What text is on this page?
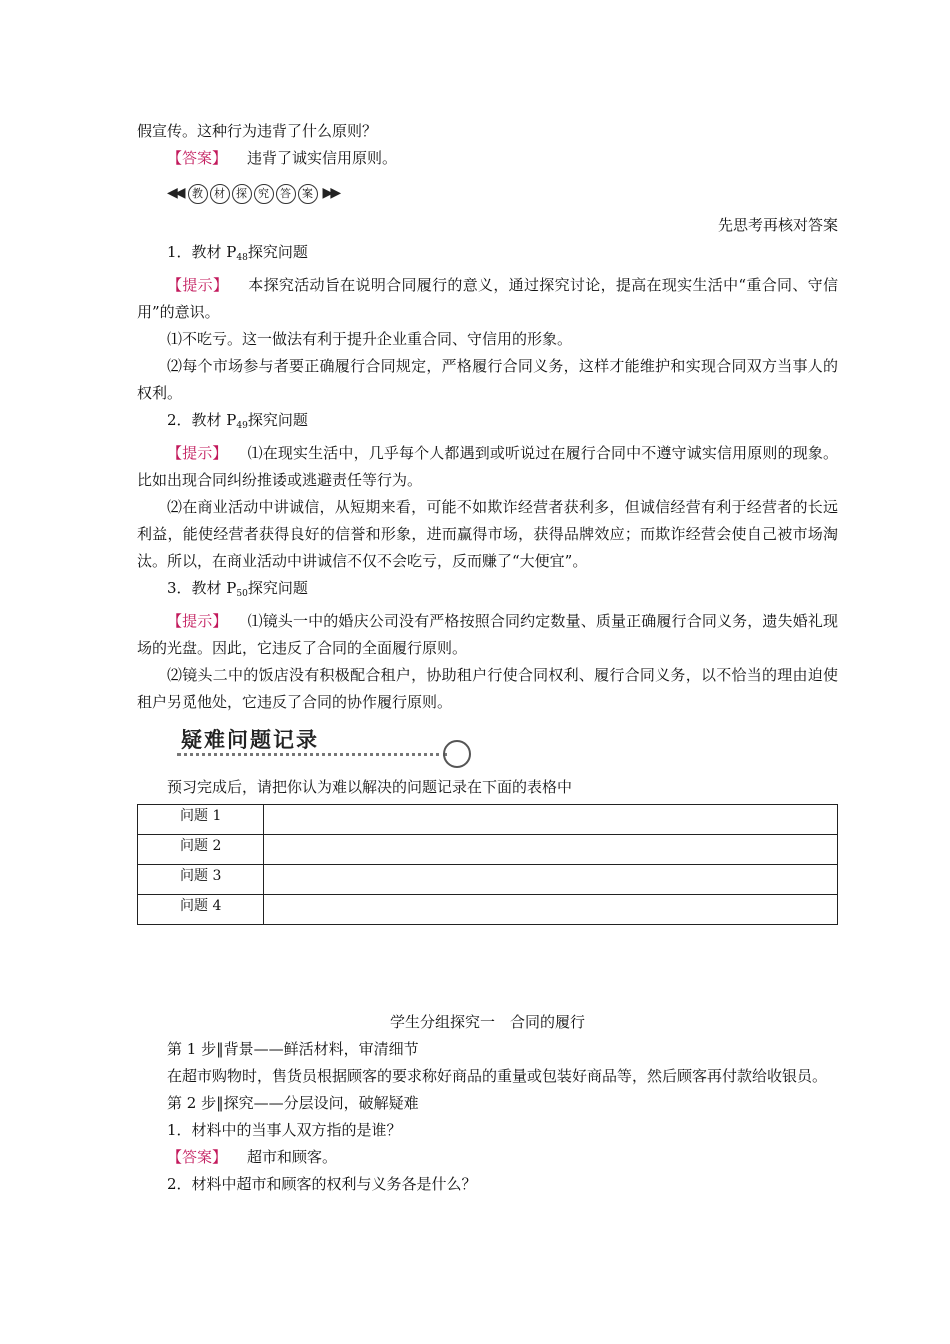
假宣传。这种行为违背了什么原则？

【答案】 违背了诚实信用原则。

◀◀ 教 材 探 究 答 案 ▶▶

先思考再核对答案

1．教材 $P_{48}$探究问题

【提示】 本探究活动旨在说明合同履行的意义，通过探究讨论，提高在现实生活中“重合同、守信用”的意识。

⑴不吃亏。这一做法有利于提升企业重合同、守信用的形象。

⑵每个市场参与者要正确履行合同规定，严格履行合同义务，这样才能维护和实现合同双方当事人的权利。

2．教材 $P_{49}$探究问题

【提示】 ⑴在现实生活中，几乎每个人都遇到或听说过在履行合同中不遵守诚实信用原则的现象。比如出现合同纠纷推诿或逃避责任等行为。

⑵在商业活动中讲诚信，从短期来看，可能不如欺诈经营者获利多，但诚信经营有利于经营者的长远利益，能使经营者获得良好的信誉和形象，进而赢得市场，获得品牌效应；而欺诈经营会使自己被市场淘汰。所以，在商业活动中讲诚信不仅不会吃亏，反而赚了“大便宜”。

3．教材 $P_{50}$探究问题

【提示】 ⑴镜头一中的婚庆公司没有严格按照合同约定数量、质量正确履行合同义务，遗失婚礼现场的光盘。因此，它违反了合同的全面履行原则。

⑵镜头二中的饭店没有积极配合租户，协助租户行使合同权利、履行合同义务，以不恰当的理由迫使租户另觅他处，它违反了合同的协作履行原则。

疑难问题记录

预习完成后，请把你认为难以解决的问题记录在下面的表格中

问题 1	
问题 2	
问题 3	
问题 4	

学生分组探究一　合同的履行

第 1 步‖背景——鲜活材料，审清细节

在超市购物时，售货员根据顾客的要求称好商品的重量或包装好商品等，然后顾客再付款给收银员。

第 2 步‖探究——分层设问，破解疑难

1．材料中的当事人双方指的是谁？

【答案】 超市和顾客。

2．材料中超市和顾客的权利与义务各是什么？
